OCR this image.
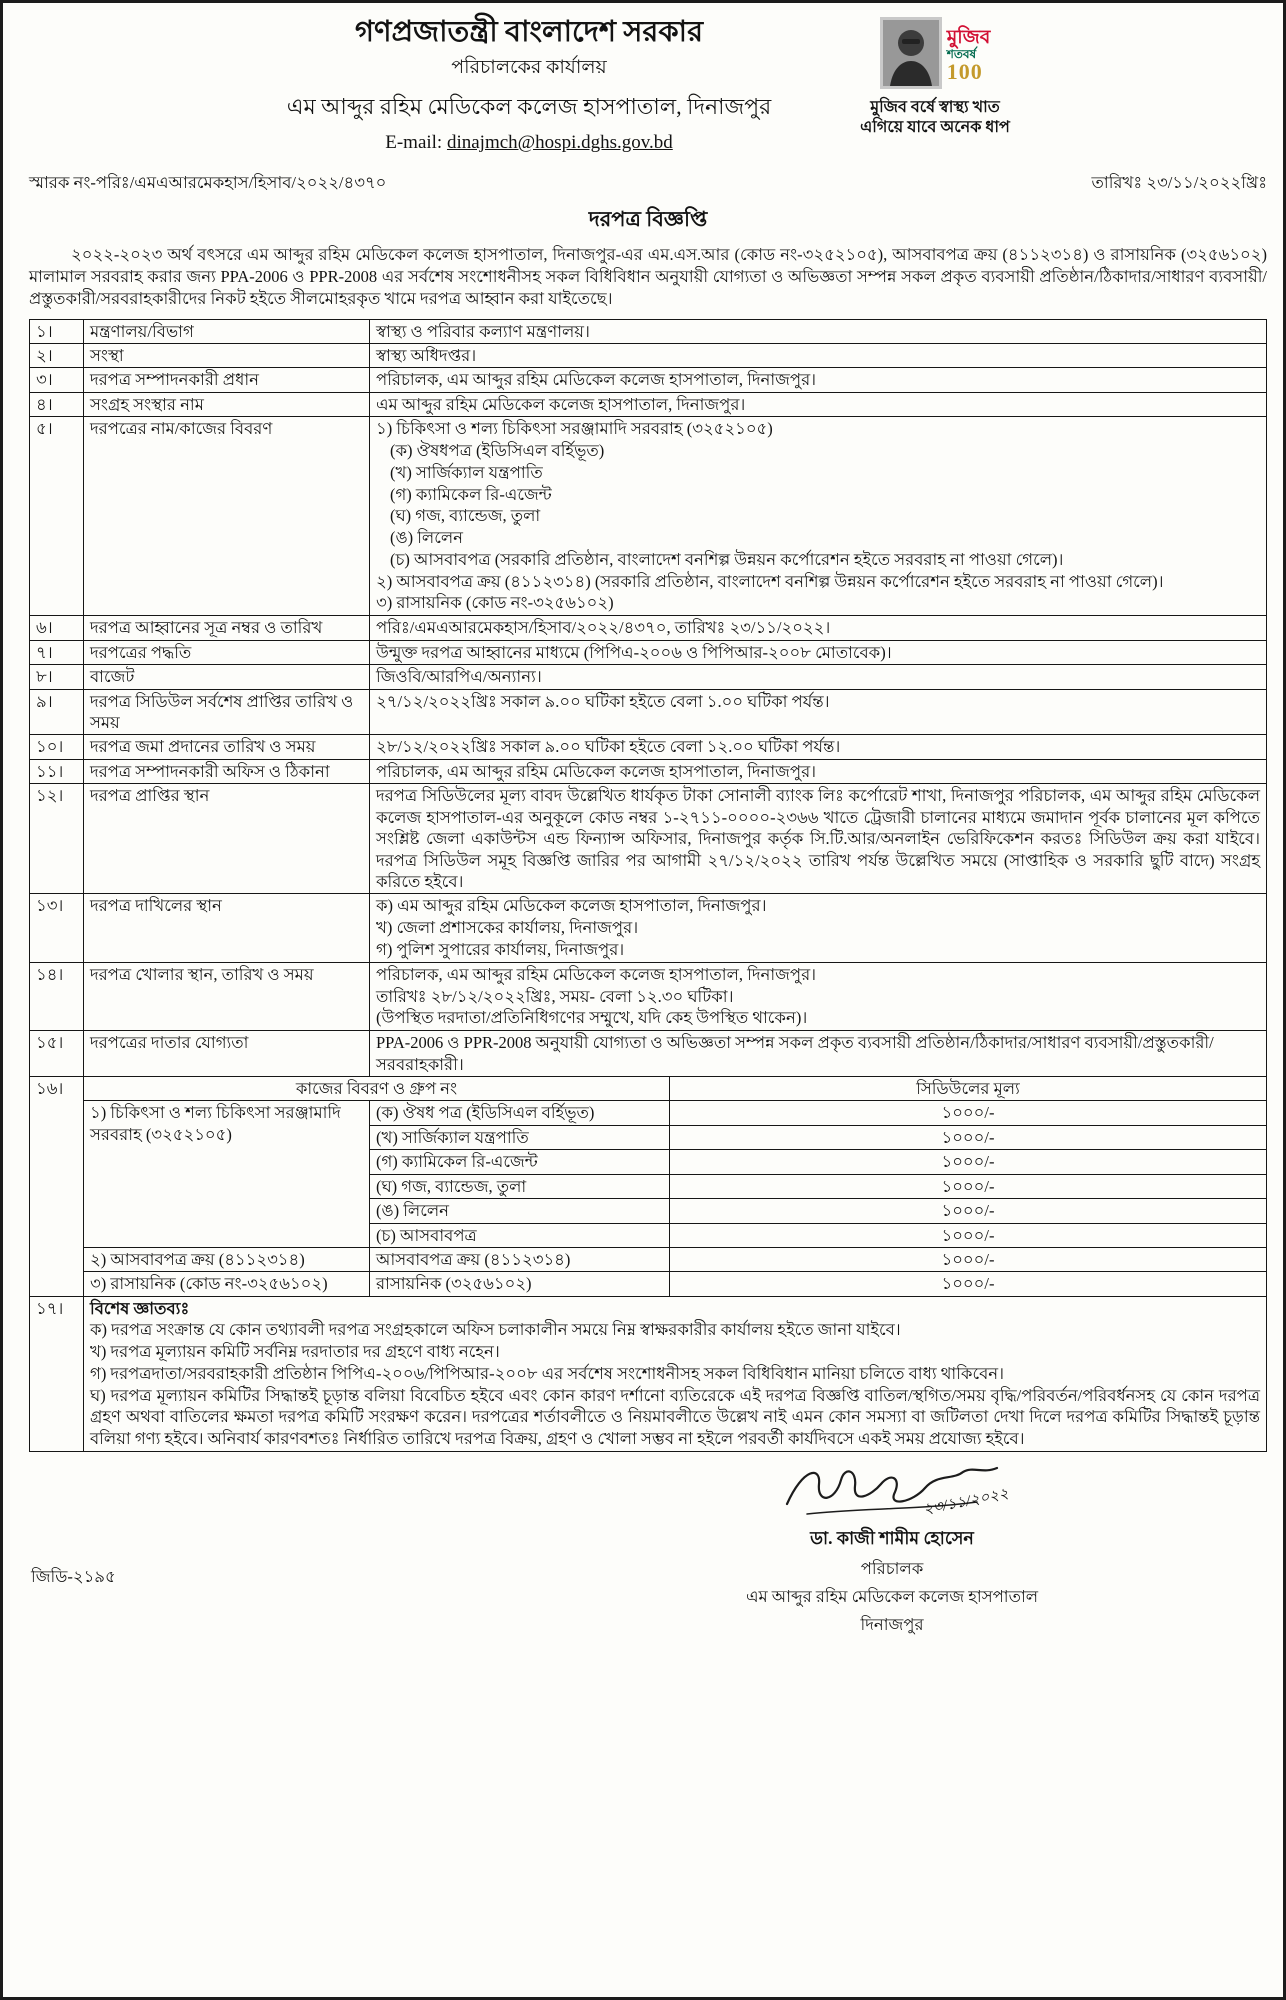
মুজিব
শতবর্ষ
100
মুজিব বর্ষে স্বাস্থ্য খাত
এগিয়ে যাবে অনেক ধাপ
গণপ্রজাতন্ত্রী বাংলাদেশ সরকার
পরিচালকের কার্যালয়
এম আব্দুর রহিম মেডিকেল কলেজ হাসপাতাল, দিনাজপুর
E-mail: dinajmch@hospi.dghs.gov.bd
স্মারক নং-পরিঃ/এমএআরমেকহাস/হিসাব/২০২২/৪৩৭০	তারিখঃ ২৩/১১/২০২২খ্রিঃ
দরপত্র বিজ্ঞপ্তি
২০২২-২০২৩ অর্থ বৎসরে এম আব্দুর রহিম মেডিকেল কলেজ হাসপাতাল, দিনাজপুর-এর এম.এস.আর (কোড নং-৩২৫২১০৫), আসবাবপত্র ক্রয় (৪১১২৩১৪) ও রাসায়নিক (৩২৫৬১০২) মালামাল সরবরাহ করার জন্য PPA-2006 ও PPR-2008 এর সর্বশেষ সংশোধনীসহ সকল বিধিবিধান অনুযায়ী যোগ্যতা ও অভিজ্ঞতা সম্পন্ন সকল প্রকৃত ব্যবসায়ী প্রতিষ্ঠান/ঠিকাদার/সাধারণ ব্যবসায়ী/প্রস্তুতকারী/সরবরাহকারীদের নিকট হইতে সীলমোহরকৃত খামে দরপত্র আহ্বান করা যাইতেছে।
১।	মন্ত্রণালয়/বিভাগ	স্বাস্থ্য ও পরিবার কল্যাণ মন্ত্রণালয়।	
২।	সংস্থা	স্বাস্থ্য অধিদপ্তর।	
৩।	দরপত্র সম্পাদনকারী প্রধান	পরিচালক, এম আব্দুর রহিম মেডিকেল কলেজ হাসপাতাল, দিনাজপুর।	
৪।	সংগ্রহ সংস্থার নাম	এম আব্দুর রহিম মেডিকেল কলেজ হাসপাতাল, দিনাজপুর।	
৫।	দরপত্রের নাম/কাজের বিবরণ	১) চিকিৎসা ও শল্য চিকিৎসা সরঞ্জামাদি সরবরাহ (৩২৫২১০৫)
(ক) ঔষধপত্র (ইডিসিএল বর্হিভূত)
(খ) সার্জিক্যাল যন্ত্রপাতি
(গ) ক্যামিকেল রি-এজেন্ট
(ঘ) গজ, ব্যান্ডেজ, তুলা
(ঙ) লিলেন
(চ) আসবাবপত্র (সরকারি প্রতিষ্ঠান, বাংলাদেশ বনশিল্প উন্নয়ন কর্পোরেশন হইতে সরবরাহ না পাওয়া গেলে)।
২) আসবাবপত্র ক্রয় (৪১১২৩১৪) (সরকারি প্রতিষ্ঠান, বাংলাদেশ বনশিল্প উন্নয়ন কর্পোরেশন হইতে সরবরাহ না পাওয়া গেলে)।
৩) রাসায়নিক (কোড নং-৩২৫৬১০২)

৬।	দরপত্র আহ্বানের সূত্র নম্বর ও তারিখ	পরিঃ/এমএআরমেকহাস/হিসাব/২০২২/৪৩৭০, তারিখঃ ২৩/১১/২০২২।	
৭।	দরপত্রের পদ্ধতি	উন্মুক্ত দরপত্র আহ্বানের মাধ্যমে (পিপিএ-২০০৬ ও পিপিআর-২০০৮ মোতাবেক)।	
৮।	বাজেট	জিওবি/আরপিএ/অন্যান্য।	
৯।	দরপত্র সিডিউল সর্বশেষ প্রাপ্তির তারিখ ও সময়	২৭/১২/২০২২খ্রিঃ সকাল ৯.০০ ঘটিকা হইতে বেলা ১.০০ ঘটিকা পর্যন্ত।	
১০।	দরপত্র জমা প্রদানের তারিখ ও সময়	২৮/১২/২০২২খ্রিঃ সকাল ৯.০০ ঘটিকা হইতে বেলা ১২.০০ ঘটিকা পর্যন্ত।	
১১।	দরপত্র সম্পাদনকারী অফিস ও ঠিকানা	পরিচালক, এম আব্দুর রহিম মেডিকেল কলেজ হাসপাতাল, দিনাজপুর।	
১২।	দরপত্র প্রাপ্তির স্থান	দরপত্র সিডিউলের মূল্য বাবদ উল্লেখিত ধার্যকৃত টাকা সোনালী ব্যাংক লিঃ কর্পোরেট শাখা, দিনাজপুর পরিচালক, এম আব্দুর রহিম মেডিকেল কলেজ হাসপাতাল-এর অনুকূলে কোড নম্বর ১-২৭১১-০০০০-২৩৬৬ খাতে ট্রেজারী চালানের মাধ্যমে জমাদান পূর্বক চালানের মূল কপিতে সংশ্লিষ্ট জেলা একাউন্টস এন্ড ফিন্যান্স অফিসার, দিনাজপুর কর্তৃক সি.টি.আর/অনলাইন ভেরিফিকেশন করতঃ সিডিউল ক্রয় করা যাইবে। দরপত্র সিডিউল সমূহ বিজ্ঞপ্তি জারির পর আগামী ২৭/১২/২০২২ তারিখ পর্যন্ত উল্লেখিত সময়ে (সাপ্তাহিক ও সরকারি ছুটি বাদে) সংগ্রহ করিতে হইবে।	
১৩।	দরপত্র দাখিলের স্থান	ক) এম আব্দুর রহিম মেডিকেল কলেজ হাসপাতাল, দিনাজপুর।
খ) জেলা প্রশাসকের কার্যালয়, দিনাজপুর।
গ) পুলিশ সুপারের কার্যালয়, দিনাজপুর।	

১৪।	দরপত্র খোলার স্থান, তারিখ ও সময়	পরিচালক, এম আব্দুর রহিম মেডিকেল কলেজ হাসপাতাল, দিনাজপুর।
তারিখঃ ২৮/১২/২০২২খ্রিঃ, সময়- বেলা ১২.৩০ ঘটিকা।
(উপস্থিত দরদাতা/প্রতিনিধিগণের সম্মুখে, যদি কেহ উপস্থিত থাকেন)।	

১৫।	দরপত্রের দাতার যোগ্যতা	PPA-2006 ও PPR-2008 অনুযায়ী যোগ্যতা ও অভিজ্ঞতা সম্পন্ন সকল প্রকৃত ব্যবসায়ী প্রতিষ্ঠান/ঠিকাদার/সাধারণ ব্যবসায়ী/প্রস্তুতকারী/সরবরাহকারী।	
১৬।	কাজের বিবরণ ও গ্রুপ নং		সিডিউলের মূল্য
	১) চিকিৎসা ও শল্য চিকিৎসা সরঞ্জামাদি সরবরাহ (৩২৫২১০৫)	(ক) ঔষধ পত্র (ইডিসিএল বর্হিভূত)	১০০০/-
		(খ) সার্জিক্যাল যন্ত্রপাতি	১০০০/-
		(গ) ক্যামিকেল রি-এজেন্ট	১০০০/-
		(ঘ) গজ, ব্যান্ডেজ, তুলা	১০০০/-
		(ঙ) লিলেন	১০০০/-
		(চ) আসবাবপত্র	১০০০/-
	২) আসবাবপত্র ক্রয় (৪১১২৩১৪)	আসবাবপত্র ক্রয় (৪১১২৩১৪)	১০০০/-
	৩) রাসায়নিক (কোড নং-৩২৫৬১০২)	রাসায়নিক (৩২৫৬১০২)	১০০০/-
১৭।	বিশেষ জ্ঞাতব্যঃ
ক) দরপত্র সংক্রান্ত যে কোন তথ্যাবলী দরপত্র সংগ্রহকালে অফিস চলাকালীন সময়ে নিম্ন স্বাক্ষরকারীর কার্যালয় হইতে জানা যাইবে।
খ) দরপত্র মূল্যায়ন কমিটি সর্বনিম্ন দরদাতার দর গ্রহণে বাধ্য নহেন।
গ) দরপত্রদাতা/সরবরাহকারী প্রতিষ্ঠান পিপিএ-২০০৬/পিপিআর-২০০৮ এর সর্বশেষ সংশোধনীসহ সকল বিধিবিধান মানিয়া চলিতে বাধ্য থাকিবেন।
ঘ) দরপত্র মূল্যায়ন কমিটির সিদ্ধান্তই চূড়ান্ত বলিয়া বিবেচিত হইবে এবং কোন কারণ দর্শানো ব্যতিরেকে এই দরপত্র বিজ্ঞপ্তি বাতিল/স্থগিত/সময় বৃদ্ধি/পরিবর্তন/পরিবর্ধনসহ যে কোন দরপত্র গ্রহণ অথবা বাতিলের ক্ষমতা দরপত্র কমিটি সংরক্ষণ করেন। দরপত্রের শর্তাবলীতে ও নিয়মাবলীতে উল্লেখ নাই এমন কোন সমস্যা বা জটিলতা দেখা দিলে দরপত্র কমিটির সিদ্ধান্তই চূড়ান্ত বলিয়া গণ্য হইবে। অনিবার্য কারণবশতঃ নির্ধারিত তারিখে দরপত্র বিক্রয়, গ্রহণ ও খোলা সম্ভব না হইলে পরবর্তী কার্যদিবসে একই সময় প্রযোজ্য হইবে।		
২৩/১১/২০২২
ডা. কাজী শামীম হোসেন
পরিচালক
এম আব্দুর রহিম মেডিকেল কলেজ হাসপাতাল
দিনাজপুর
জিডি-২১৯৫
